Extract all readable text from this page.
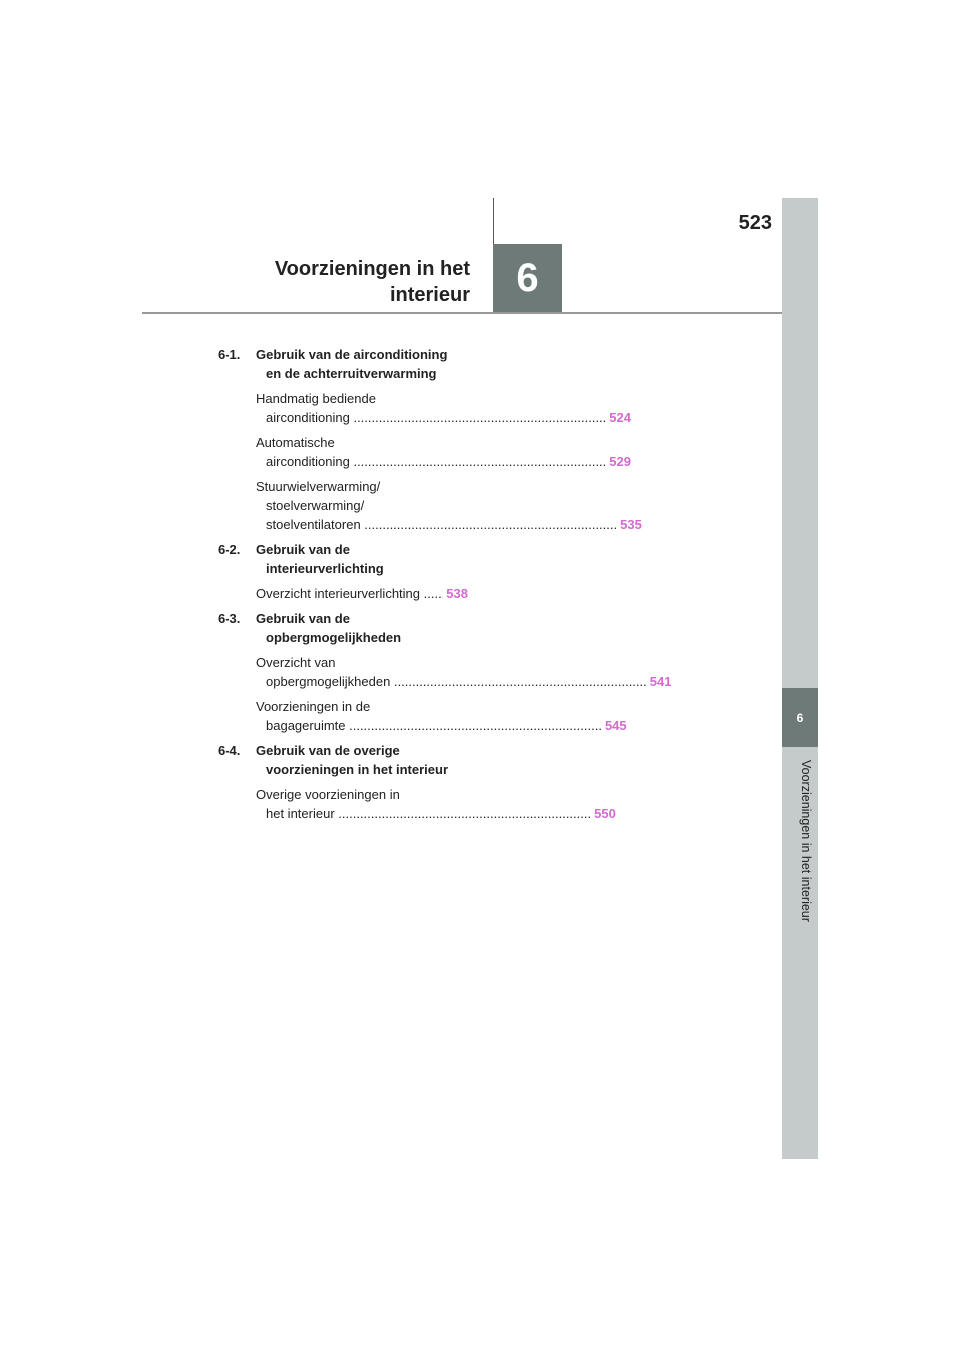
523
6
Voorzieningen in het
interieur
6
Voorzieningen in het interieur
6-1.	Gebruik van de airconditioning
en de achterruitverwarming
Handmatig bediende
airconditioning .....	524
Automatische
airconditioning .....	529
Stuurwielverwarming/
stoelverwarming/
stoelventilatoren .....	535
6-2.	Gebruik van de
interieurverlichting
Overzicht interieurverlichting .....	538
6-3.	Gebruik van de
opbergmogelijkheden
Overzicht van
opbergmogelijkheden .....	541
Voorzieningen in de
bagageruimte .....	545
6-4.	Gebruik van de overige
voorzieningen in het interieur
Overige voorzieningen in
het interieur .....	550
